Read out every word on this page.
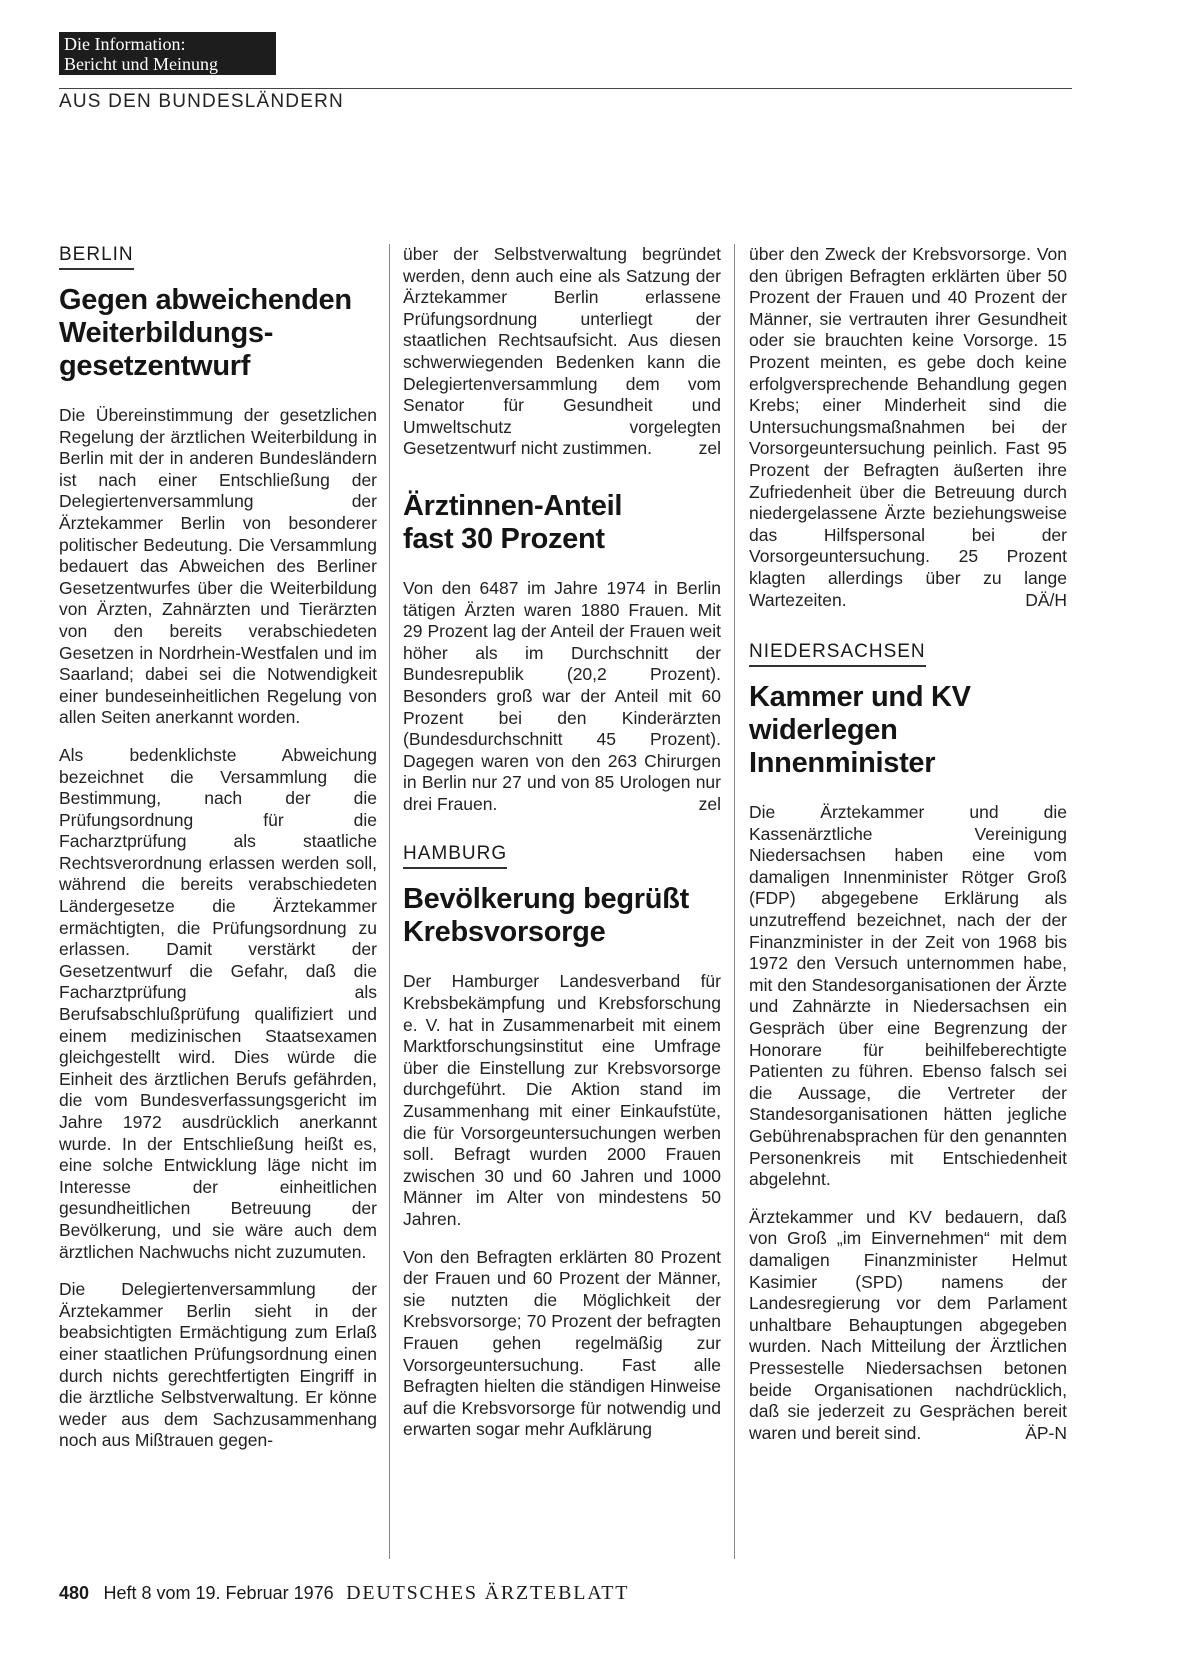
Die Information:
Bericht und Meinung
AUS DEN BUNDESLÄNDERN
BERLIN
Gegen abweichenden Weiterbildungsgesetzentwurf

Die Übereinstimmung der gesetzlichen Regelung der ärztlichen Weiterbildung in Berlin mit der in anderen Bundesländern ist nach einer Entschließung der Delegiertenversammlung der Ärztekammer Berlin von besonderer politischer Bedeutung. Die Versammlung bedauert das Abweichen des Berliner Gesetzentwurfes über die Weiterbildung von Ärzten, Zahnärzten und Tierärzten von den bereits verabschiedeten Gesetzen in Nordrhein-Westfalen und im Saarland; dabei sei die Notwendigkeit einer bundeseinheitlichen Regelung von allen Seiten anerkannt worden.

Als bedenklichste Abweichung bezeichnet die Versammlung die Bestimmung, nach der die Prüfungsordnung für die Facharztprüfung als staatliche Rechtsverordnung erlassen werden soll, während die bereits verabschiedeten Ländergesetze die Ärztekammer ermächtigten, die Prüfungsordnung zu erlassen. Damit verstärkt der Gesetzentwurf die Gefahr, daß die Facharztprüfung als Berufsabschlußprüfung qualifiziert und einem medizinischen Staatsexamen gleichgestellt wird. Dies würde die Einheit des ärztlichen Berufs gefährden, die vom Bundesverfassungsgericht im Jahre 1972 ausdrücklich anerkannt wurde. In der Entschließung heißt es, eine solche Entwicklung läge nicht im Interesse der einheitlichen gesundheitlichen Betreuung der Bevölkerung, und sie wäre auch dem ärztlichen Nachwuchs nicht zuzumuten.

Die Delegiertenversammlung der Ärztekammer Berlin sieht in der beabsichtigten Ermächtigung zum Erlaß einer staatlichen Prüfungsordnung einen durch nichts gerechtfertigten Eingriff in die ärztliche Selbstverwaltung. Er könne weder aus dem Sachzusammenhang noch aus Mißtrauen gegen-

über der Selbstverwaltung begründet werden, denn auch eine als Satzung der Ärztekammer Berlin erlassene Prüfungsordnung unterliegt der staatlichen Rechtsaufsicht. Aus diesen schwerwiegenden Bedenken kann die Delegiertenversammlung dem vom Senator für Gesundheit und Umweltschutz vorgelegten Gesetzentwurf nicht zustimmen.	zel

Ärztinnen-Anteil fast 30 Prozent

Von den 6487 im Jahre 1974 in Berlin tätigen Ärzten waren 1880 Frauen. Mit 29 Prozent lag der Anteil der Frauen weit höher als im Durchschnitt der Bundesrepublik (20,2 Prozent). Besonders groß war der Anteil mit 60 Prozent bei den Kinderärzten (Bundesdurchschnitt 45 Prozent). Dagegen waren von den 263 Chirurgen in Berlin nur 27 und von 85 Urologen nur drei Frauen.	zel

HAMBURG
Bevölkerung begrüßt Krebsvorsorge

Der Hamburger Landesverband für Krebsbekämpfung und Krebsforschung e. V. hat in Zusammenarbeit mit einem Marktforschungsinstitut eine Umfrage über die Einstellung zur Krebsvorsorge durchgeführt. Die Aktion stand im Zusammenhang mit einer Einkaufstüte, die für Vorsorgeuntersuchungen werben soll. Befragt wurden 2000 Frauen zwischen 30 und 60 Jahren und 1000 Männer im Alter von mindestens 50 Jahren.

Von den Befragten erklärten 80 Prozent der Frauen und 60 Prozent der Männer, sie nutzten die Möglichkeit der Krebsvorsorge; 70 Prozent der befragten Frauen gehen regelmäßig zur Vorsorgeuntersuchung. Fast alle Befragten hielten die ständigen Hinweise auf die Krebsvorsorge für notwendig und erwarten sogar mehr Aufklärung

über den Zweck der Krebsvorsorge. Von den übrigen Befragten erklärten über 50 Prozent der Frauen und 40 Prozent der Männer, sie vertrauten ihrer Gesundheit oder sie brauchten keine Vorsorge. 15 Prozent meinten, es gebe doch keine erfolgversprechende Behandlung gegen Krebs; einer Minderheit sind die Untersuchungsmaßnahmen bei der Vorsorgeuntersuchung peinlich. Fast 95 Prozent der Befragten äußerten ihre Zufriedenheit über die Betreuung durch niedergelassene Ärzte beziehungsweise das Hilfspersonal bei der Vorsorgeuntersuchung. 25 Prozent klagten allerdings über zu lange Wartezeiten.	DÄ/H

NIEDERSACHSEN
Kammer und KV widerlegen Innenminister

Die Ärztekammer und die Kassenärztliche Vereinigung Niedersachsen haben eine vom damaligen Innenminister Rötger Groß (FDP) abgegebene Erklärung als unzutreffend bezeichnet, nach der der Finanzminister in der Zeit von 1968 bis 1972 den Versuch unternommen habe, mit den Standesorganisationen der Ärzte und Zahnärzte in Niedersachsen ein Gespräch über eine Begrenzung der Honorare für beihilfeberechtigte Patienten zu führen. Ebenso falsch sei die Aussage, die Vertreter der Standesorganisationen hätten jegliche Gebührenabsprachen für den genannten Personenkreis mit Entschiedenheit abgelehnt.

Ärztekammer und KV bedauern, daß von Groß „im Einvernehmen“ mit dem damaligen Finanzminister Helmut Kasimier (SPD) namens der Landesregierung vor dem Parlament unhaltbare Behauptungen abgegeben wurden. Nach Mitteilung der Ärztlichen Pressestelle Niedersachsen betonen beide Organisationen nachdrücklich, daß sie jederzeit zu Gesprächen bereit waren und bereit sind.	ÄP-N

480 Heft 8 vom 19. Februar 1976 DEUTSCHES ÄRZTEBLATT
